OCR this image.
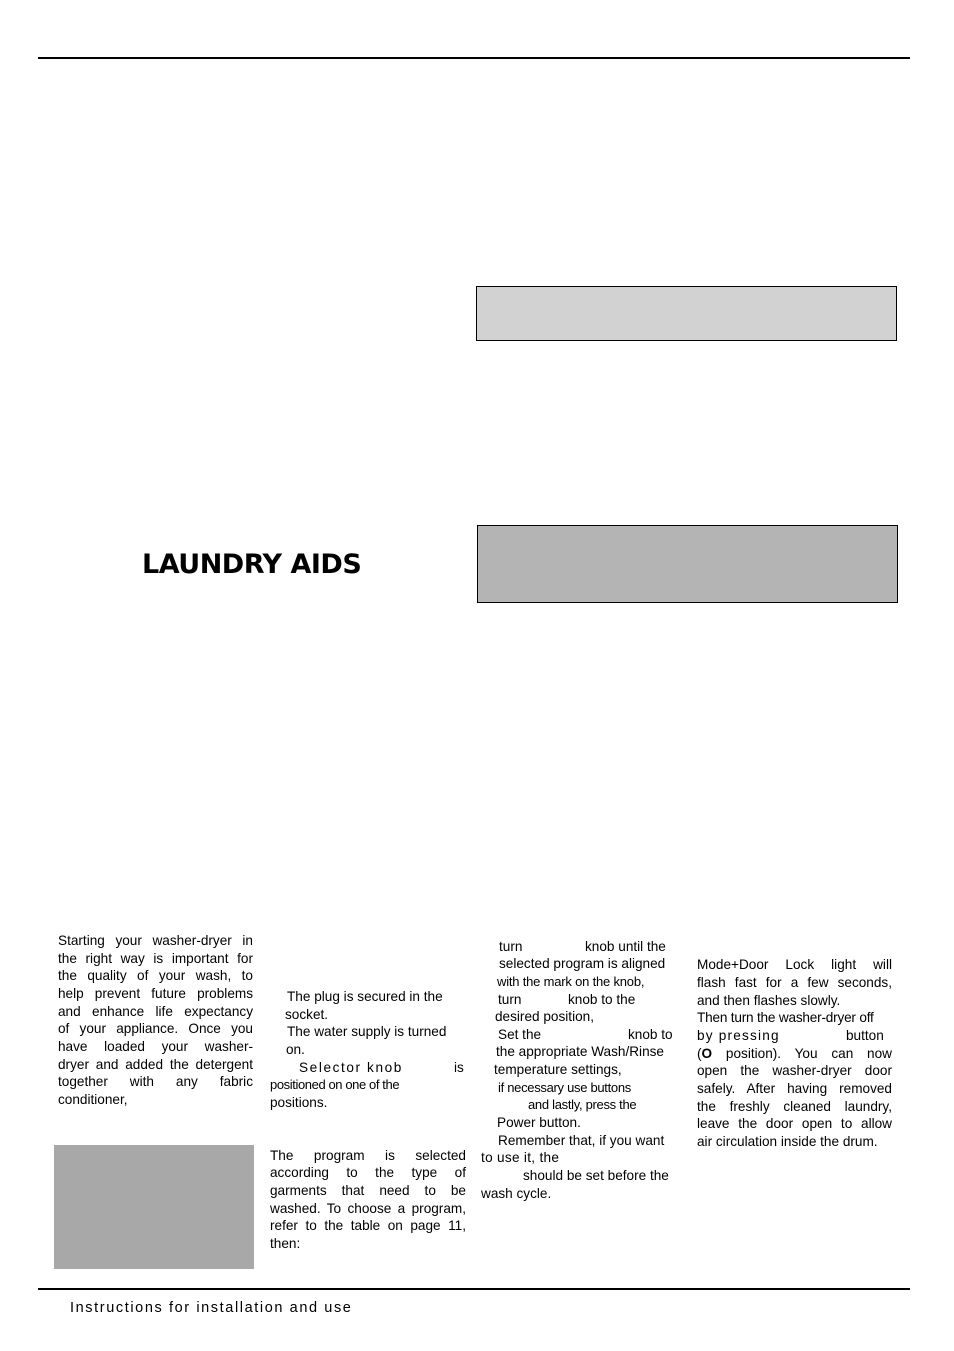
LAUNDRY AIDS

Starting your washer-dryer in

the right way is important for

the quality of your wash, to

help prevent future problems

and enhance life expectancy

of your appliance. Once you

have loaded your washer-

dryer and added the detergent

together with any fabric

conditioner,

The plug is secured in the

socket.

The water supply is turned

on.

Selector knob	is

positioned on one of the

positions.

The program is selected

according to the type of

garments that need to be

washed. To choose a program,

refer to the table on page 11,

then:

turn	knob until the

selected program is aligned

with the mark on the knob,

turn	knob to the

desired position,

Set the	knob to

the appropriate Wash/Rinse

temperature settings,

if necessary use buttons

and lastly, press the

Power button.

Remember that, if you want

to use it, the

should be set before the

wash cycle.

Mode+Door Lock light will

flash fast for a few seconds,

and then flashes slowly.

Then turn the washer-dryer off

by pressing	button

(O position). You can now

open the washer-dryer door

safely. After having removed

the freshly cleaned laundry,

leave the door open to allow

air circulation inside the drum.

Instructions for installation and use
